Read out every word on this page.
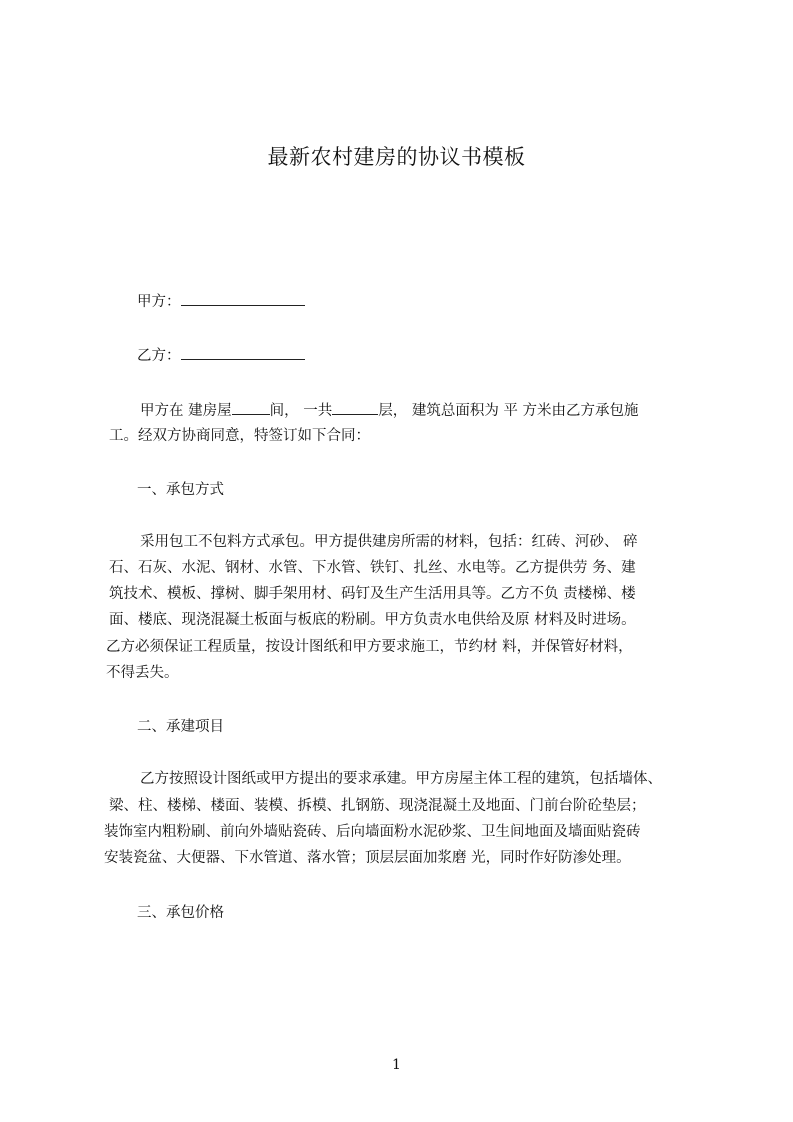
最新农村建房的协议书模板
甲方：
乙方：
甲方在 建房屋	间， 一共	层， 建筑总面积为 平 方米由乙方承包施
工。经双方协商同意，特签订如下合同：
一、承包方式
采用包工不包料方式承包。甲方提供建房所需的材料，包括：红砖、河砂、 碎
石、石灰、水泥、钢材、水管、下水管、铁钉、扎丝、水电等。乙方提供劳 务、建
筑技术、模板、撑树、脚手架用材、码钉及生产生活用具等。乙方不负 责楼梯、楼
面、楼底、现浇混凝土板面与板底的粉刷。甲方负责水电供给及原 材料及时进场。
乙方必须保证工程质量，按设计图纸和甲方要求施工，节约材 料，并保管好材料，
不得丢失。
二、承建项目
乙方按照设计图纸或甲方提出的要求承建。甲方房屋主体工程的建筑，包括墙体、
梁、柱、楼梯、楼面、装模、拆模、扎钢筋、现浇混凝土及地面、门前台阶砼垫层；
装饰室内粗粉刷、前向外墙贴瓷砖、后向墙面粉水泥砂浆、卫生间地面及墙面贴瓷砖
安装瓷盆、大便器、下水管道、落水管；顶层层面加浆磨 光，同时作好防渗处理。
三、承包价格
1
